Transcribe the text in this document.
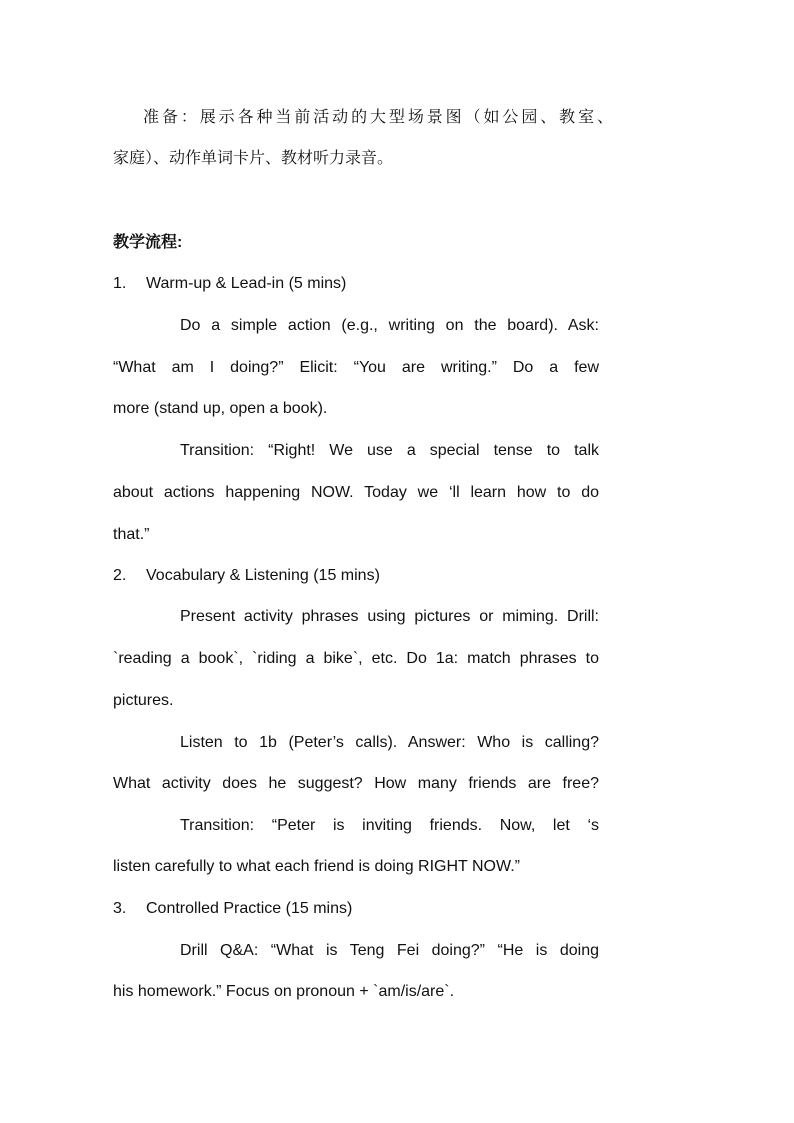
准备：展示各种当前活动的大型场景图（如公园、教室、
家庭）、动作单词卡片、教材听力录音。
教学流程:
1. Warm-up & Lead-in (5 mins)
Do a simple action (e.g., writing on the board). Ask:
“What am I doing?” Elicit: “You are writing.” Do a few
more (stand up, open a book).
Transition: “Right! We use a special tense to talk
about actions happening NOW. Today we ‘ll learn how to do
that.”
2. Vocabulary & Listening (15 mins)
Present activity phrases using pictures or miming. Drill:
`reading a book`, `riding a bike`, etc. Do 1a: match phrases to
pictures.
Listen to 1b (Peter’s calls). Answer: Who is calling?
What activity does he suggest? How many friends are free?
Transition: “Peter is inviting friends. Now, let ‘s
listen carefully to what each friend is doing RIGHT NOW.”
3. Controlled Practice (15 mins)
Drill Q&A: “What is Teng Fei doing?” “He is doing
his homework.” Focus on pronoun + `am/is/are`.
